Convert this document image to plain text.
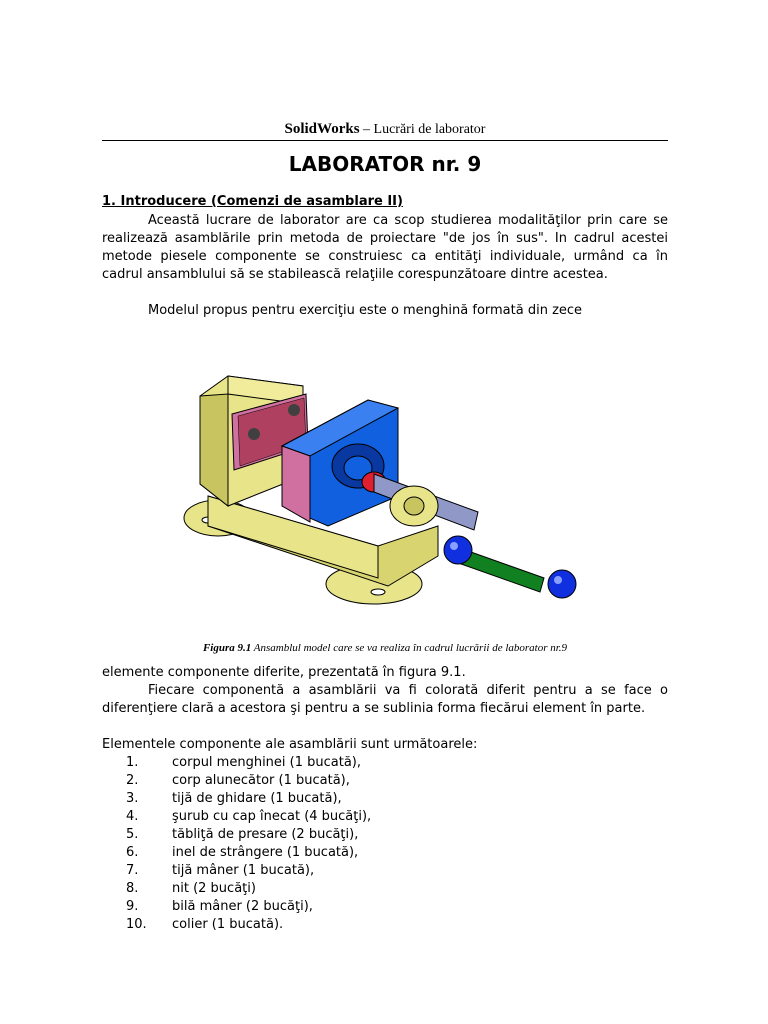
SolidWorks – Lucrări de laborator
LABORATOR nr. 9
1. Introducere (Comenzi de asamblare II)

Această lucrare de laborator are ca scop studierea modalităţilor prin care se realizează asamblările prin metoda de proiectare "de jos în sus". In cadrul acestei metode piesele componente se construiesc ca entităţi individuale, urmând ca în cadrul ansamblului să se stabilească relaţiile corespunzătoare dintre acestea.

Modelul propus pentru exerciţiu este o menghină formată din zece

Figura 9.1 Ansamblul model care se va realiza în cadrul lucrării de laborator nr.9

elemente componente diferite, prezentată în figura 9.1.

Fiecare componentă a asamblării va fi colorată diferit pentru a se face o diferenţiere clară a acestora şi pentru a se sublinia forma fiecărui element în parte.

Elementele componente ale asamblării sunt următoarele:

1.	corpul menghinei (1 bucată),
2.	corp alunecător (1 bucată),
3.	tijă de ghidare (1 bucată),
4.	şurub cu cap înecat (4 bucăţi),
5.	tăbliţă de presare (2 bucăţi),
6.	inel de strângere (1 bucată),
7.	tijă mâner (1 bucată),
8.	nit (2 bucăţi)
9.	bilă mâner (2 bucăţi),
10. colier (1 bucată).
